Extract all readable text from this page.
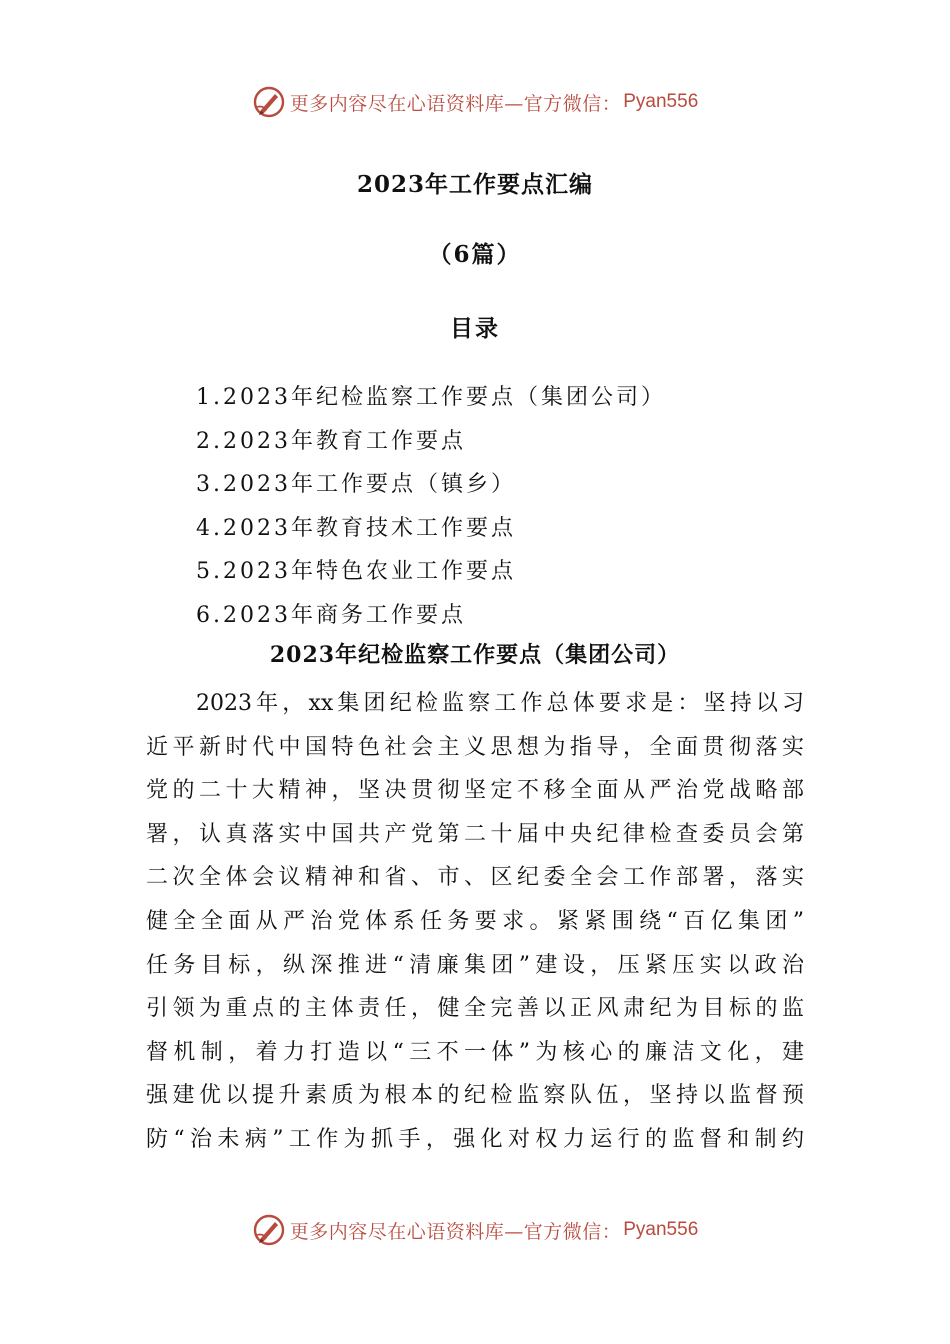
更多内容尽在心语资料库—官方微信： Pyan556
2023年工作要点汇编
（6篇）
目录
1.2023年纪检监察工作要点（集团公司）
2.2023年教育工作要点
3.2023年工作要点（镇乡）
4.2023年教育技术工作要点
5.2023年特色农业工作要点
6.2023年商务工作要点
2023年纪检监察工作要点（集团公司）
2023年，xx集团纪检监察工作总体要求是：坚持以习
近平新时代中国特色社会主义思想为指导，全面贯彻落实
党的二十大精神，坚决贯彻坚定不移全面从严治党战略部
署，认真落实中国共产党第二十届中央纪律检查委员会第
二次全体会议精神和省、市、区纪委全会工作部署，落实
健全全面从严治党体系任务要求。紧紧围绕“百亿集团”
任务目标，纵深推进“清廉集团”建设，压紧压实以政治
引领为重点的主体责任，健全完善以正风肃纪为目标的监
督机制，着力打造以“三不一体”为核心的廉洁文化，建
强建优以提升素质为根本的纪检监察队伍，坚持以监督预
防“治未病”工作为抓手，强化对权力运行的监督和制约
更多内容尽在心语资料库—官方微信： Pyan556
